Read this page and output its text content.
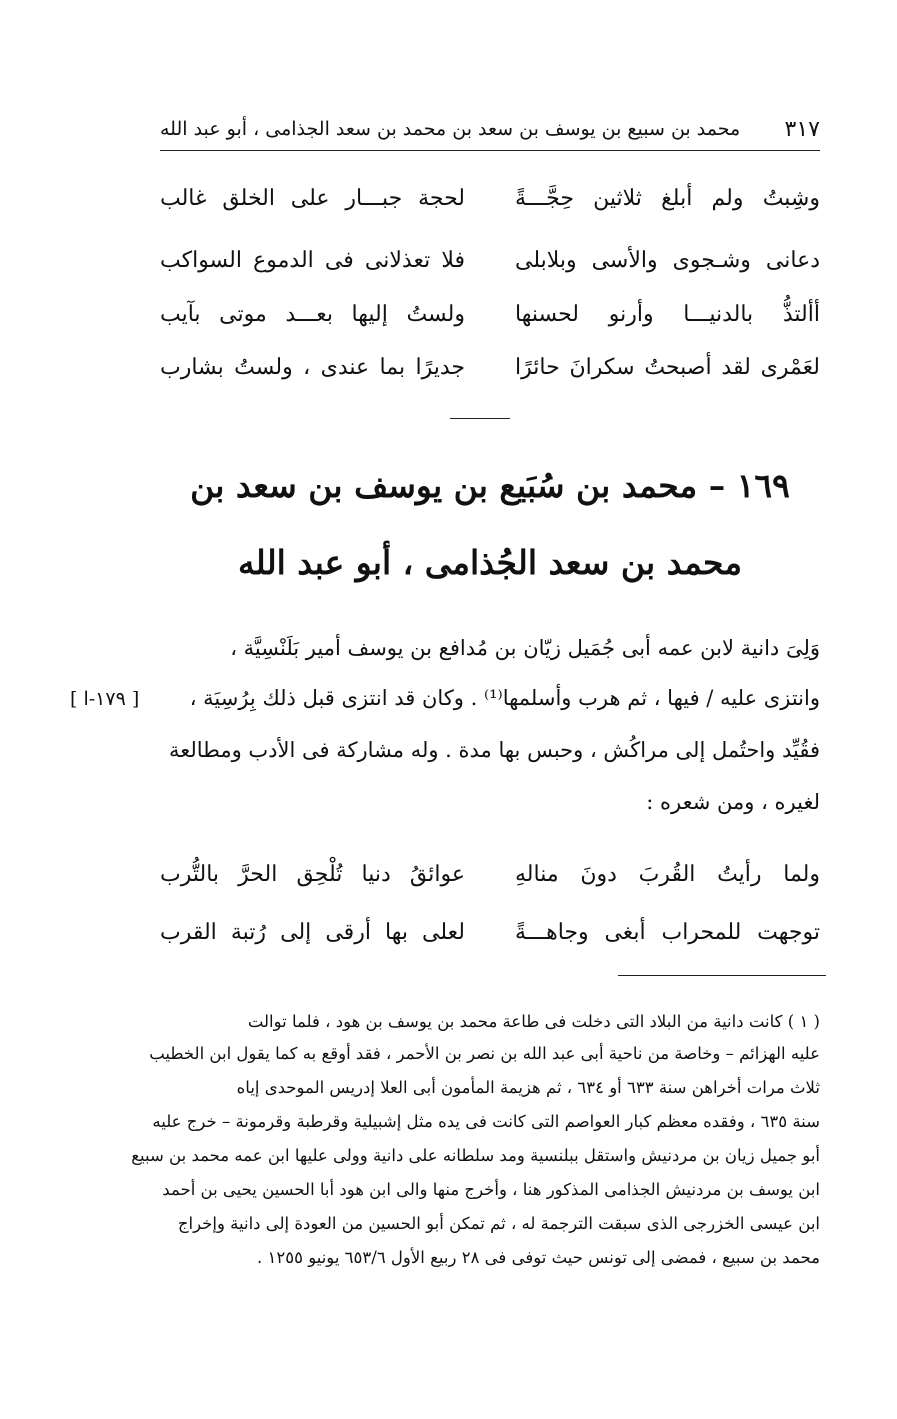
محمد بن سبيع بن يوسف بن سعد بن محمد بن سعد الجذامى ، أبو عبد الله ٣١٧
وشِبتُ ولم أبلغ ثلاثين حِجَّـــةً
لحجة جبـــار على الخلق غالب
دعانى وشـجوى والأسى وبلابلى
فلا تعذلانى فى الدموع السواكب
أألتذُّ بالدنيـــا وأرنو لحسنها
ولستُ إليها بعـــد موتى بآيب
لعَمْرى لقد أصبحتُ سكرانَ حائرًا
جديرًا بما عندى ، ولستُ بشارب
١٦٩ – محمد بن سُبَيع بن يوسف بن سعد بن
محمد بن سعد الجُذامى ، أبو عبد الله
وَلِىَ دانية لابن عمه أبى جُمَيل زيّان بن مُدافع بن يوسف أمير بَلَنْسِيَّة ،
وانتزى عليه / فيها ، ثم هرب وأسلمها⁽¹⁾ . وكان قد انتزى قبل ذلك بِرُسِيَة ،
فقُيِّد واحتُمل إلى مراكُش ، وحبس بها مدة . وله مشاركة فى الأدب ومطالعة
لغيره ، ومن شعره :
[ ١٧٩-ا ]
ولما رأيتُ القُربَ دونَ منالهِ
عوائقُ دنيا تُلْحِق الحرَّ بالتُّرب
توجهت للمحراب أبغى وجاهـــةً
لعلى بها أرقى إلى رُتبة القرب
( ١ ) كانت دانية من البلاد التى دخلت فى طاعة محمد بن يوسف بن هود ، فلما توالت
عليه الهزائم – وخاصة من ناحية أبى عبد الله بن نصر بن الأحمر ، فقد أوقع به كما يقول ابن الخطيب
ثلاث مرات أخراهن سنة ٦٣٣ أو ٦٣٤ ، ثم هزيمة المأمون أبى العلا إدريس الموحدى إياه
سنة ٦٣٥ ، وفقده معظم كبار العواصم التى كانت فى يده مثل إشبيلية وقرطبة وقرمونة – خرج عليه
أبو جميل زيان بن مردنيش واستقل ببلنسية ومد سلطانه على دانية وولى عليها ابن عمه محمد بن سبيع
ابن يوسف بن مردنيش الجذامى المذكور هنا ، وأخرج منها والى ابن هود أبا الحسين يحيى بن أحمد
ابن عيسى الخزرجى الذى سبقت الترجمة له ، ثم تمكن أبو الحسين من العودة إلى دانية وإخراج
محمد بن سبيع ، فمضى إلى تونس حيث توفى فى ٢٨ ربيع الأول ٦٥٣/٦ يونيو ١٢٥٥ .
